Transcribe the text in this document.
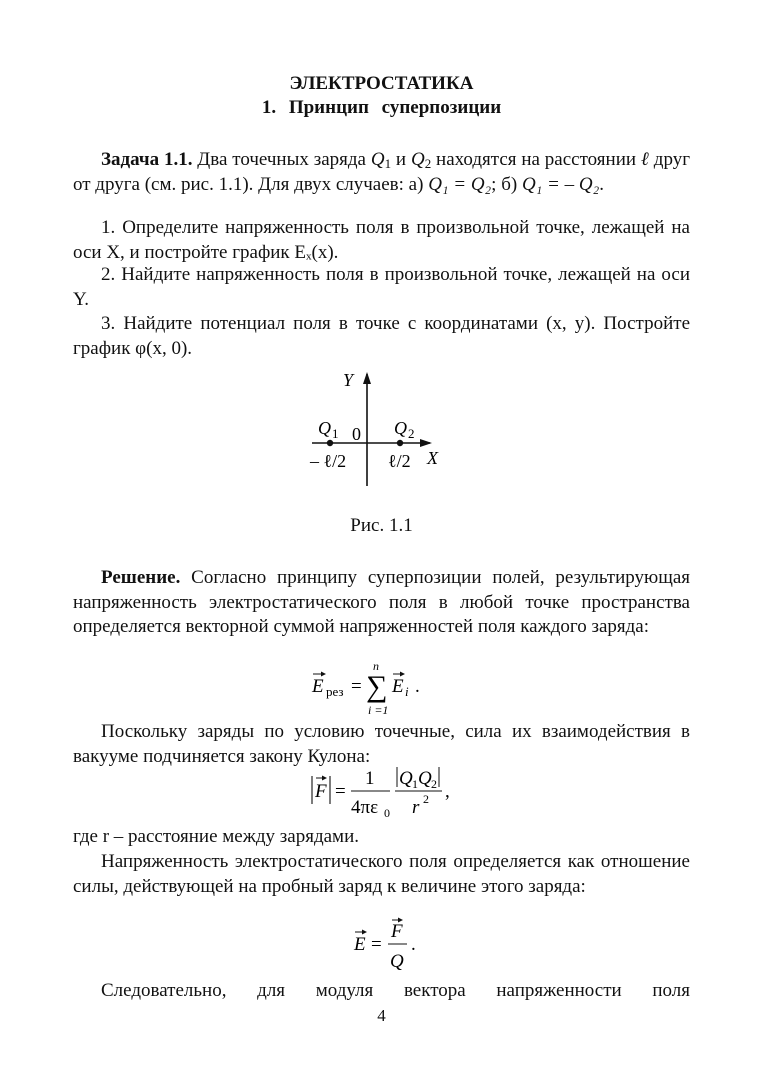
ЭЛЕКТРОСТАТИКА
1. Принцип суперпозиции
Задача 1.1. Два точечных заряда $Q_1$ и $Q_2$ находятся на расстоянии ℓ друг от друга (см. рис. 1.1). Для двух случаев: а) Q₁ = Q₂; б) Q₁ = – Q₂.
1. Определите напряженность поля в произвольной точке, лежащей на оси X, и постройте график Eₓ(x).
2. Найдите напряженность поля в произвольной точке, лежащей на оси Y.
3. Найдите потенциал поля в точке с координатами (x, y). Постройте график φ(x, 0).
Y
X
Q 1	Q 2
0
– ℓ/2 ℓ/2
Рис. 1.1
Решение. Согласно принципу суперпозиции полей, результирующая напряженность электростатического поля в любой точке пространства определяется векторной суммой напряженностей поля каждого заряда:
E рез = ∑
n
i =1
E i .
Поскольку заряды по условию точечные, сила их взаимодействия в вакууме подчиняется закону Кулона:
F =
1
4πε 0
Q 1 Q 2
r 2 ,
где r – расстояние между зарядами.
Напряженность электростатического поля определяется как отношение силы, действующей на пробный заряд к величине этого заряда:
E =
F
Q
.
Следовательно, для модуля вектора напряженности поля
4
